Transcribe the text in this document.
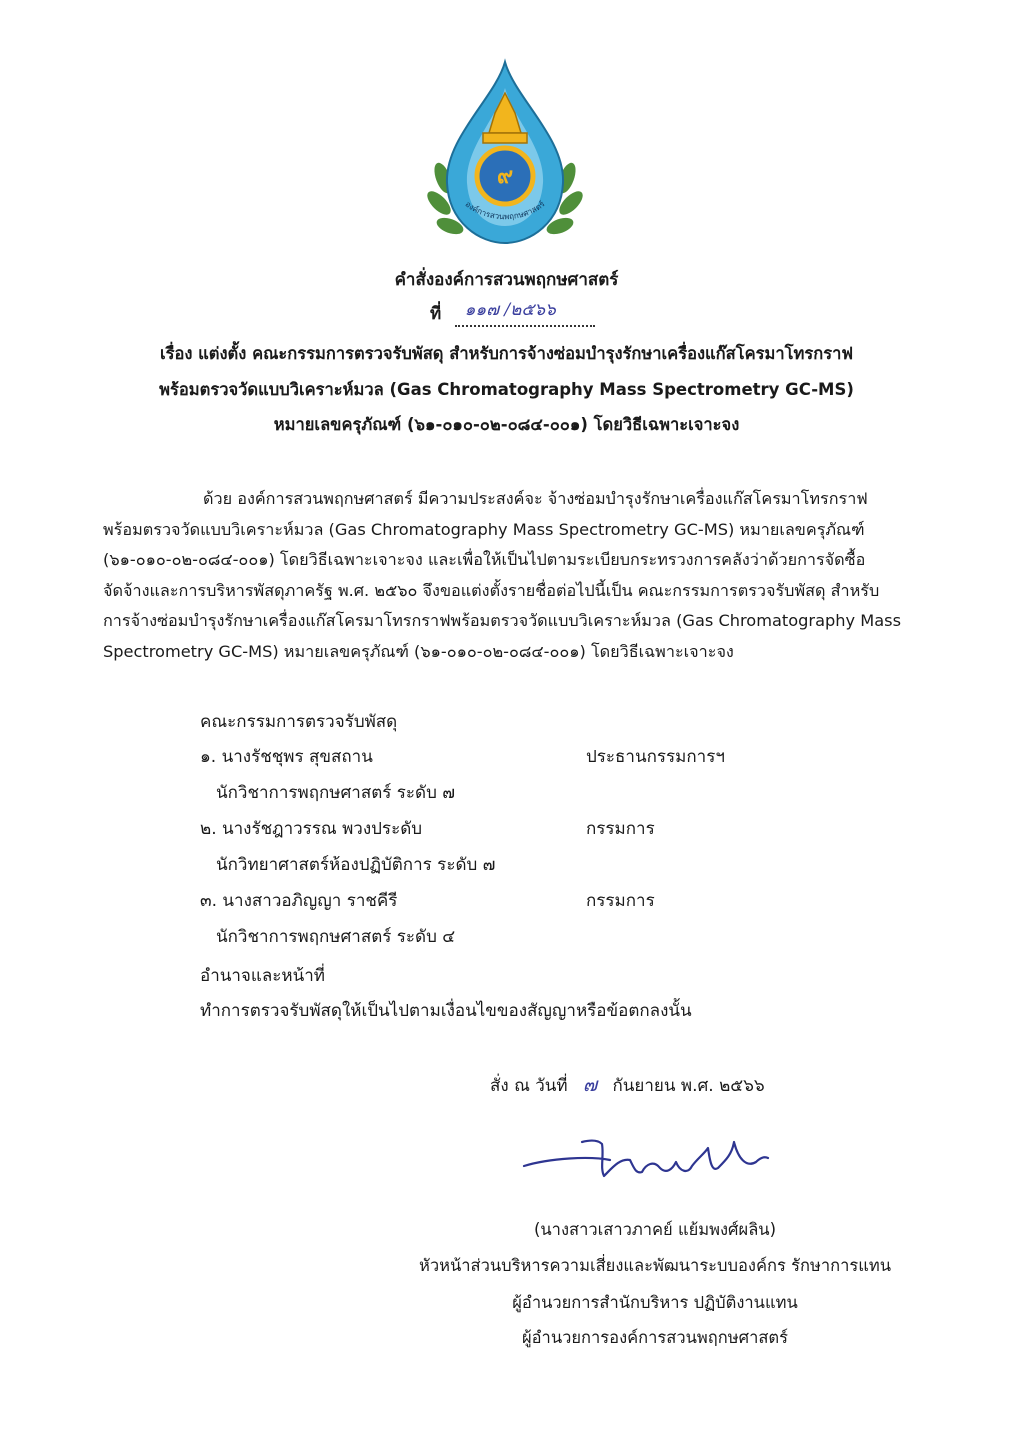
๙
องค์การสวนพฤกษศาสตร์
คำสั่งองค์การสวนพฤกษศาสตร์
ที่ ๑๑๗ /๒๕๖๖
เรื่อง แต่งตั้ง คณะกรรมการตรวจรับพัสดุ สำหรับการจ้างซ่อมบำรุงรักษาเครื่องแก๊สโครมาโทรกราฟ
พร้อมตรวจวัดแบบวิเคราะห์มวล (Gas Chromatography Mass Spectrometry GC-MS)
หมายเลขครุภัณฑ์ (๖๑-๐๑๐-๐๒-๐๘๔-๐๐๑) โดยวิธีเฉพาะเจาะจง
ด้วย องค์การสวนพฤกษศาสตร์ มีความประสงค์จะ จ้างซ่อมบำรุงรักษาเครื่องแก๊สโครมาโทรกราฟ
พร้อมตรวจวัดแบบวิเคราะห์มวล (Gas Chromatography Mass Spectrometry GC-MS) หมายเลขครุภัณฑ์
(๖๑-๐๑๐-๐๒-๐๘๔-๐๐๑) โดยวิธีเฉพาะเจาะจง และเพื่อให้เป็นไปตามระเบียบกระทรวงการคลังว่าด้วยการจัดซื้อ
จัดจ้างและการบริหารพัสดุภาครัฐ พ.ศ. ๒๕๖๐ จึงขอแต่งตั้งรายชื่อต่อไปนี้เป็น คณะกรรมการตรวจรับพัสดุ สำหรับ
การจ้างซ่อมบำรุงรักษาเครื่องแก๊สโครมาโทรกราฟพร้อมตรวจวัดแบบวิเคราะห์มวล (Gas Chromatography Mass
Spectrometry GC-MS) หมายเลขครุภัณฑ์ (๖๑-๐๑๐-๐๒-๐๘๔-๐๐๑) โดยวิธีเฉพาะเจาะจง
คณะกรรมการตรวจรับพัสดุ
๑. นางรัชชุพร สุขสถาน	ประธานกรรมการฯ
นักวิชาการพฤกษศาสตร์ ระดับ ๗
๒. นางรัชฎาวรรณ พวงประดับ	กรรมการ
นักวิทยาศาสตร์ห้องปฏิบัติการ ระดับ ๗
๓. นางสาวอภิญญา ราชคีรี	กรรมการ
นักวิชาการพฤกษศาสตร์ ระดับ ๔
อำนาจและหน้าที่
ทำการตรวจรับพัสดุให้เป็นไปตามเงื่อนไขของสัญญาหรือข้อตกลงนั้น
สั่ง ณ วันที่ ๗ กันยายน พ.ศ. ๒๕๖๖
(นางสาวเสาวภาคย์ แย้มพงศ์ผลิน)
หัวหน้าส่วนบริหารความเสี่ยงและพัฒนาระบบองค์กร รักษาการแทน
ผู้อำนวยการสำนักบริหาร ปฏิบัติงานแทน
ผู้อำนวยการองค์การสวนพฤกษศาสตร์
